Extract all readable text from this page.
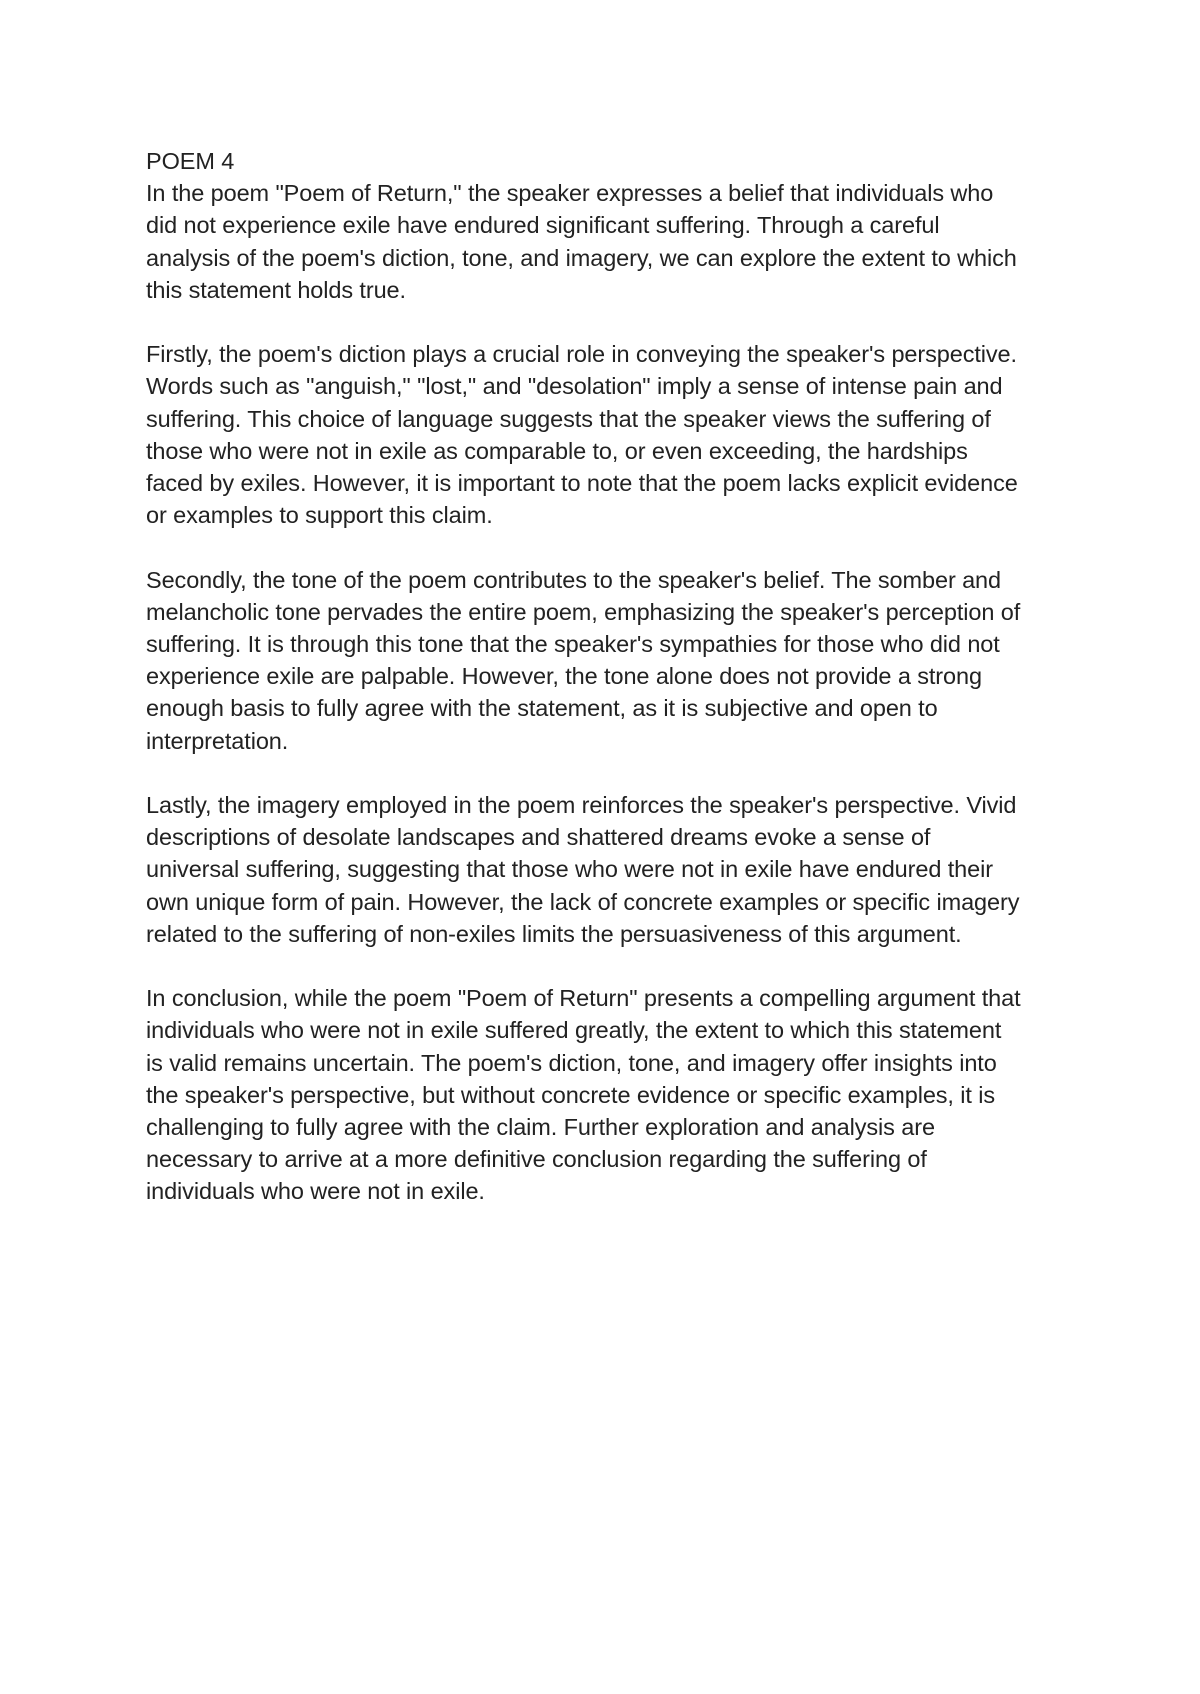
POEM 4

In the poem "Poem of Return," the speaker expresses a belief that individuals who
did not experience exile have endured significant suffering. Through a careful
analysis of the poem's diction, tone, and imagery, we can explore the extent to which
this statement holds true.

Firstly, the poem's diction plays a crucial role in conveying the speaker's perspective.
Words such as "anguish," "lost," and "desolation" imply a sense of intense pain and
suffering. This choice of language suggests that the speaker views the suffering of
those who were not in exile as comparable to, or even exceeding, the hardships
faced by exiles. However, it is important to note that the poem lacks explicit evidence
or examples to support this claim.

Secondly, the tone of the poem contributes to the speaker's belief. The somber and
melancholic tone pervades the entire poem, emphasizing the speaker's perception of
suffering. It is through this tone that the speaker's sympathies for those who did not
experience exile are palpable. However, the tone alone does not provide a strong
enough basis to fully agree with the statement, as it is subjective and open to
interpretation.

Lastly, the imagery employed in the poem reinforces the speaker's perspective. Vivid
descriptions of desolate landscapes and shattered dreams evoke a sense of
universal suffering, suggesting that those who were not in exile have endured their
own unique form of pain. However, the lack of concrete examples or specific imagery
related to the suffering of non-exiles limits the persuasiveness of this argument.

In conclusion, while the poem "Poem of Return" presents a compelling argument that
individuals who were not in exile suffered greatly, the extent to which this statement
is valid remains uncertain. The poem's diction, tone, and imagery offer insights into
the speaker's perspective, but without concrete evidence or specific examples, it is
challenging to fully agree with the claim. Further exploration and analysis are
necessary to arrive at a more definitive conclusion regarding the suffering of
individuals who were not in exile.
